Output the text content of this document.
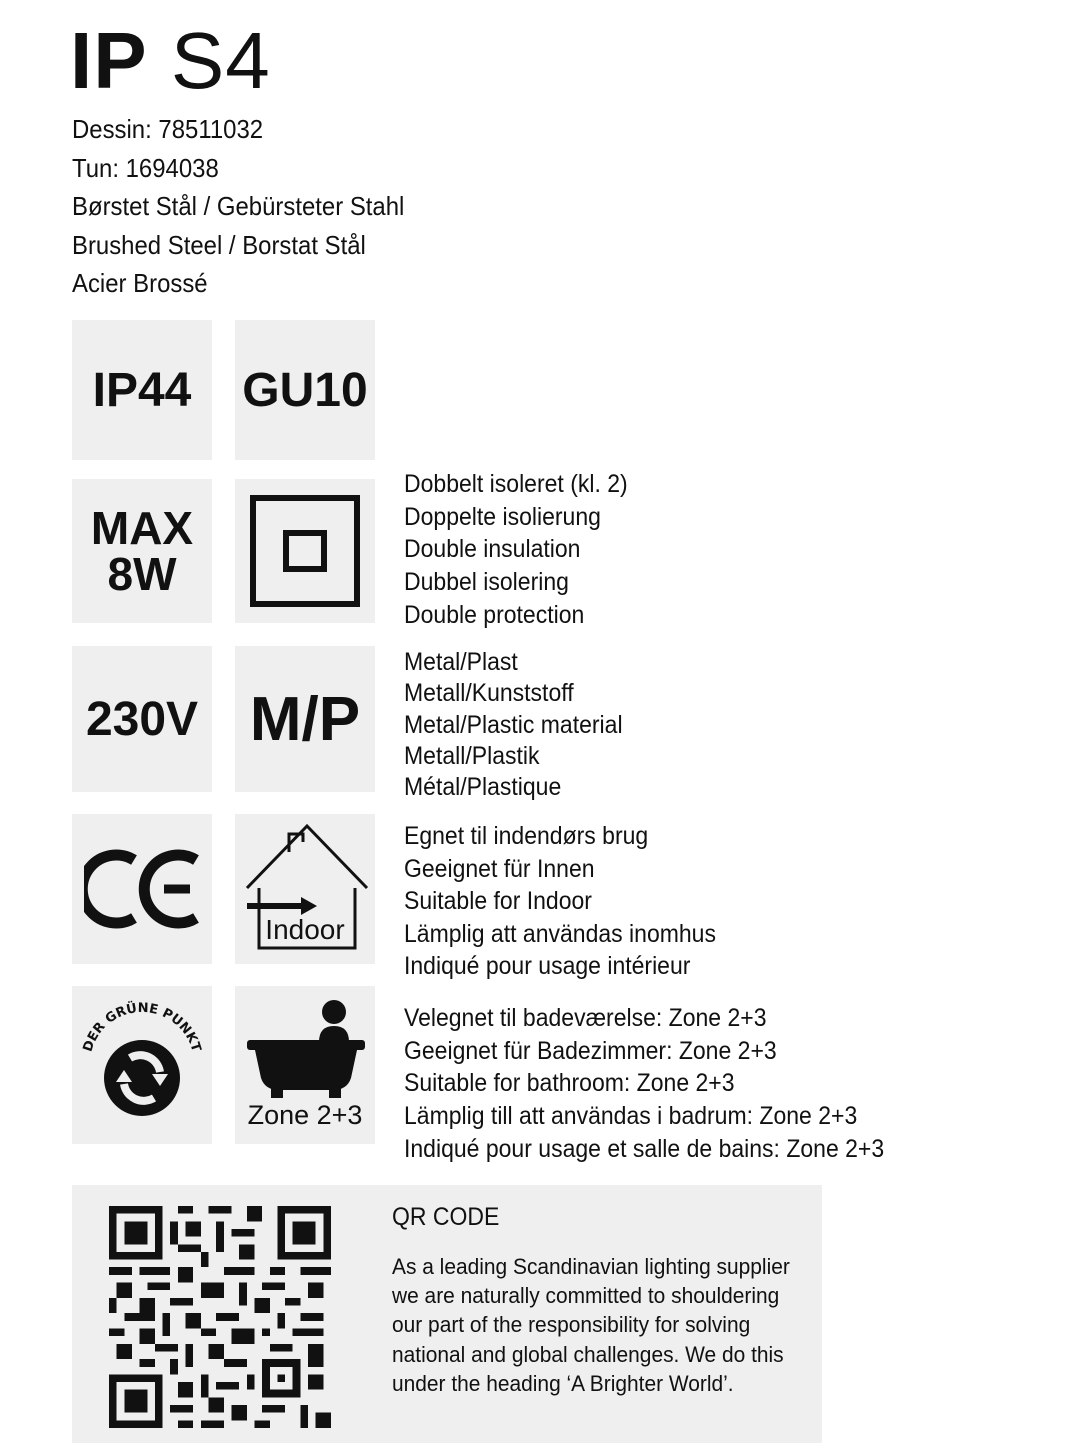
IP S4
Dessin: 78511032
Tun: 1694038
Børstet Stål / Gebürsteter Stahl
Brushed Steel / Borstat Stål
Acier Brossé
IP44 GU10
MAX
8W
Dobbelt isoleret (kl. 2)
Doppelte isolierung
Double insulation
Dubbel isolering
Double protection
230V M/P
Metal/Plast
Metall/Kunststoff
Metal/Plastic material
Metall/Plastik
Métal/Plastique
Indoor
Egnet til indendørs brug
Geeignet für Innen
Suitable for Indoor
Lämplig att användas inomhus
Indiqué pour usage intérieur
DER GRÜNE PUNKT
Zone 2+3
Velegnet til badeværelse: Zone 2+3
Geeignet für Badezimmer: Zone 2+3
Suitable for bathroom: Zone 2+3
Lämplig till att användas i badrum: Zone 2+3
Indiqué pour usage et salle de bains: Zone 2+3
QR CODE
As a leading Scandinavian lighting supplier
we are naturally committed to shouldering
our part of the responsibility for solving
national and global challenges. We do this
under the heading ‘A Brighter World’.
